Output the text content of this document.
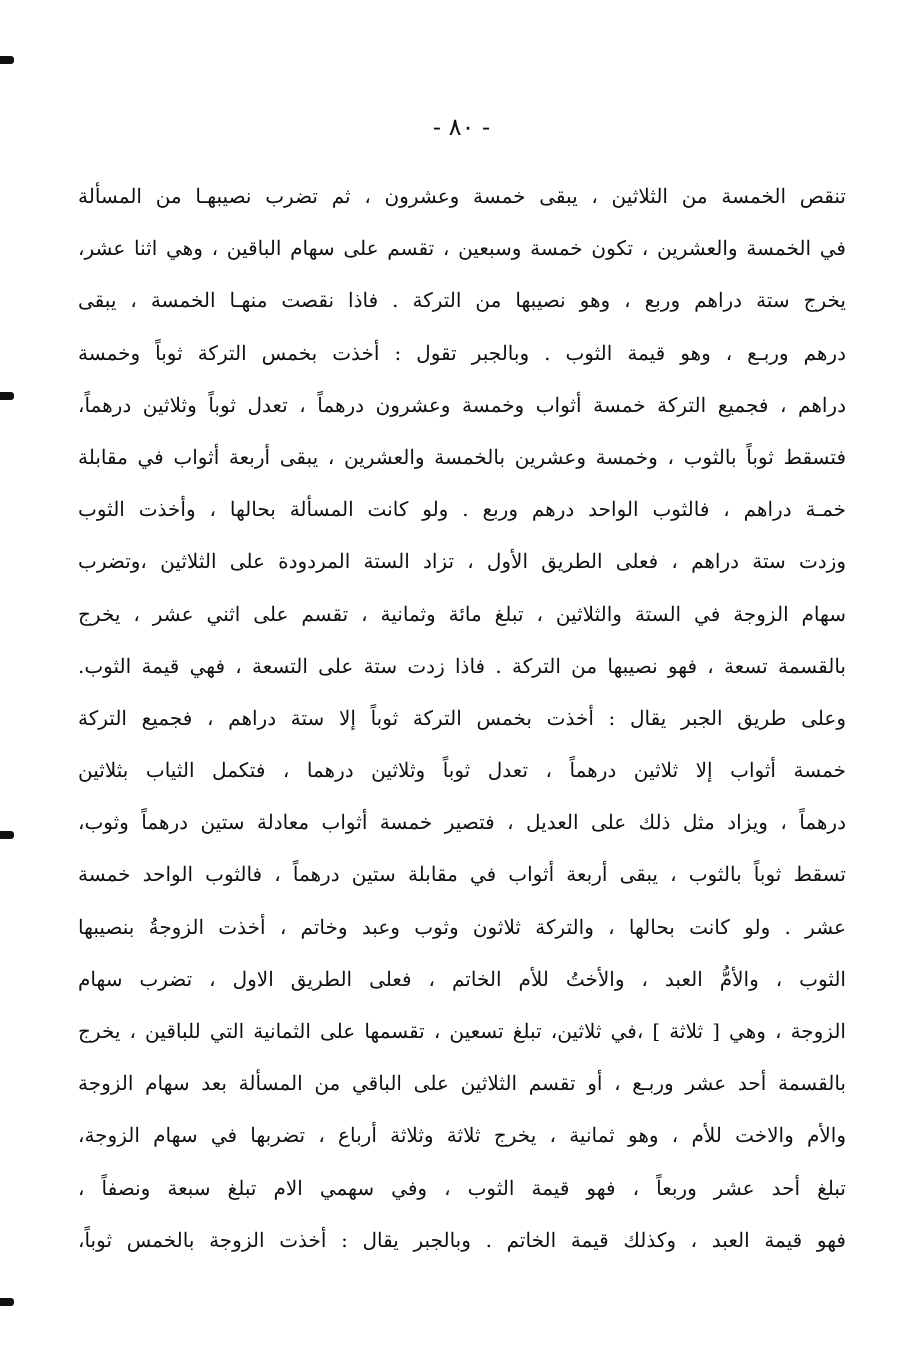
- ٨٠ -
تنقص الخمسة من الثلاثين ، يبقى خمسة وعشرون ، ثم تضرب نصيبهـا من المسألة
في الخمسة والعشرين ، تكون خمسة وسبعين ، تقسم على سهام الباقين ، وهي اثنا عشر،
يخرج ستة دراهم وربع ، وهو نصيبها من التركة . فاذا نقصت منهـا الخمسة ، يبقى
درهم وربـع ، وهو قيمة الثوب . وبالجبر تقول : أخذت بخمس التركة ثوباً وخمسة
دراهم ، فجميع التركة خمسة أثواب وخمسة وعشرون درهماً ، تعدل ثوباً وثلاثين درهماً،
فتسقط ثوباً بالثوب ، وخمسة وعشرين بالخمسة والعشرين ، يبقى أربعة أثواب في مقابلة
خمـة دراهم ، فالثوب الواحد درهم وربع . ولو كانت المسألة بحالها ، وأخذت الثوب
وزدت ستة دراهم ، فعلى الطريق الأول ، تزاد الستة المردودة على الثلاثين ،وتضرب
سهام الزوجة في الستة والثلاثين ، تبلغ مائة وثمانية ، تقسم على اثني عشر ، يخرج
بالقسمة تسعة ، فهو نصيبها من التركة . فاذا زدت ستة على التسعة ، فهي قيمة الثوب.
وعلى طريق الجبر يقال : أخذت بخمس التركة ثوباً إلا ستة دراهم ، فجميع التركة
خمسة أثواب إلا ثلاثين درهماً ، تعدل ثوباً وثلاثين درهما ، فتكمل الثياب بثلاثين
درهماً ، ويزاد مثل ذلك على العديل ، فتصير خمسة أثواب معادلة ستين درهماً وثوب،
تسقط ثوباً بالثوب ، يبقى أربعة أثواب في مقابلة ستين درهماً ، فالثوب الواحد خمسة
عشر . ولو كانت بحالها ، والتركة ثلاثون وثوب وعبد وخاتم ، أخذت الزوجةُ بنصيبها
الثوب ، والأمُّ العبد ، والأختُ للأم الخاتم ، فعلى الطريق الاول ، تضرب سهام
الزوجة ، وهي [ ثلاثة ] ،في ثلاثين، تبلغ تسعين ، تقسمها على الثمانية التي للباقين ، يخرج
بالقسمة أحد عشر وربـع ، أو تقسم الثلاثين على الباقي من المسألة بعد سهام الزوجة
والأم والاخت للأم ، وهو ثمانية ، يخرج ثلاثة وثلاثة أرباع ، تضربها في سهام الزوجة،
تبلغ أحد عشر وربعاً ، فهو قيمة الثوب ، وفي سهمي الام تبلغ سبعة ونصفاً ،
فهو قيمة العبد ، وكذلك قيمة الخاتم . وبالجبر يقال : أخذت الزوجة بالخمس ثوباً،
